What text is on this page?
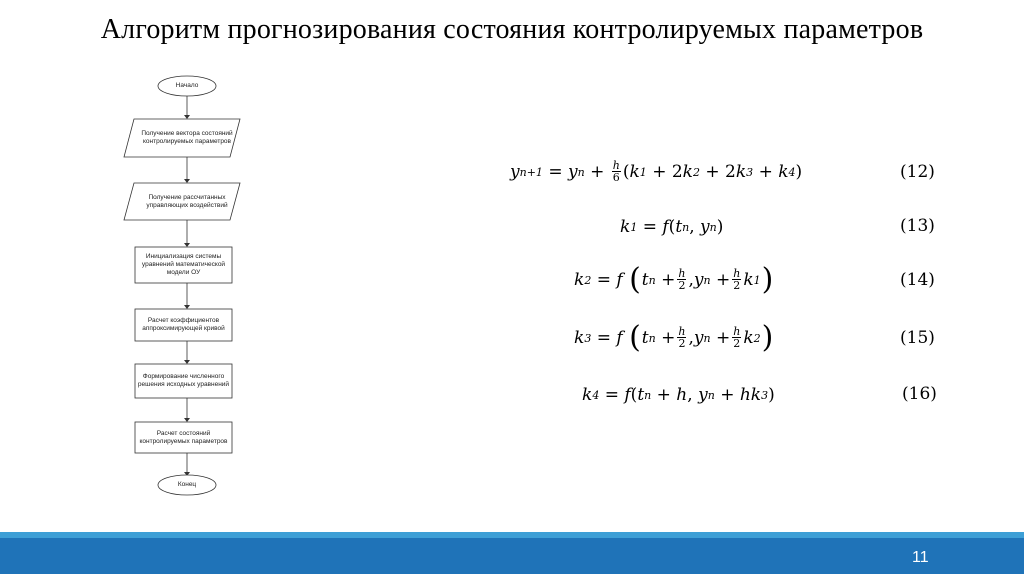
Алгоритм прогнозирования состояния контролируемых параметров
Начало
Получение вектора состояний контролируемых параметров
Получение рассчитанных управляющих воздействий
Инициализация системы уравнений математической модели ОУ
Расчет коэффициентов аппроксимирующей кривой
Формирование численного решения исходных уравнений
Расчет состояний контролируемых параметров
Конец
y n+1
= y n
+
$\frac{h}{6}$ ( k 1
+ 2 k 2
+ 2 k 3
+ k 4 )	(12)
k 1
= f ( t n , y n )	(13)
k 2
= f ( t n
+ $\frac{h}{2}$ , y n
+ $\frac{h}{2}$ k 1 )	(14)
k 3
= f ( t n
+ $\frac{h}{2}$ , y n
+ $\frac{h}{2}$ k 2 )	(15)
k 4
= f ( t n
+ h , y n
+ hk 3 )	(16)
11
